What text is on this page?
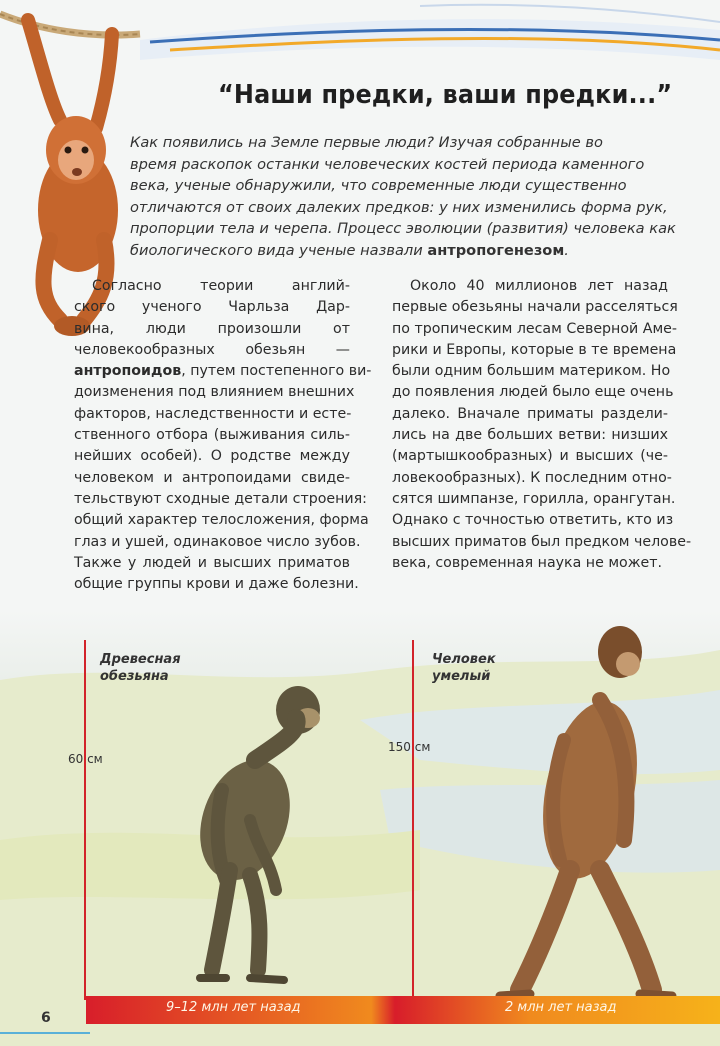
“Наши предки, ваши предки...”
Как появились на Земле первые люди? Изучая собранные во
время раскопок останки человеческих костей периода каменного
века, ученые обнаружили, что современные люди существенно
отличаются от своих далеких предков: у них изменились форма рук,
пропорции тела и черепа. Процесс эволюции (развития) человека как
биологического вида ученые назвали антропогенезом.
Согласно теории англий-
ского ученого Чарльза Дар-
вина, люди произошли от
человекообразных обезьян —
антропоидов, путем постепенного ви-
доизменения под влиянием внешних
факторов, наследственности и есте-
ственного отбора (выживания силь-
нейших особей). О родстве между
человеком и антропоидами свиде-
тельствуют сходные детали строения:
общий характер телосложения, форма
глаз и ушей, одинаковое число зубов.
Также у людей и высших приматов
общие группы крови и даже болезни.
Около 40 миллионов лет назад
первые обезьяны начали расселяться
по тропическим лесам Северной Аме-
рики и Европы, которые в те времена
были одним большим материком. Но
до появления людей было еще очень
далеко. Вначале приматы раздели-
лись на две больших ветви: низших
(мартышкообразных) и высших (че-
ловекообразных). К последним отно-
сятся шимпанзе, горилла, орангутан.
Однако с точностью ответить, кто из
высших приматов был предком челове-
века, современная наука не может.
Древесная
обезьяна
Человек
умелый
60 см
150 см
9–12 млн лет назад	2 млн лет назад
6
